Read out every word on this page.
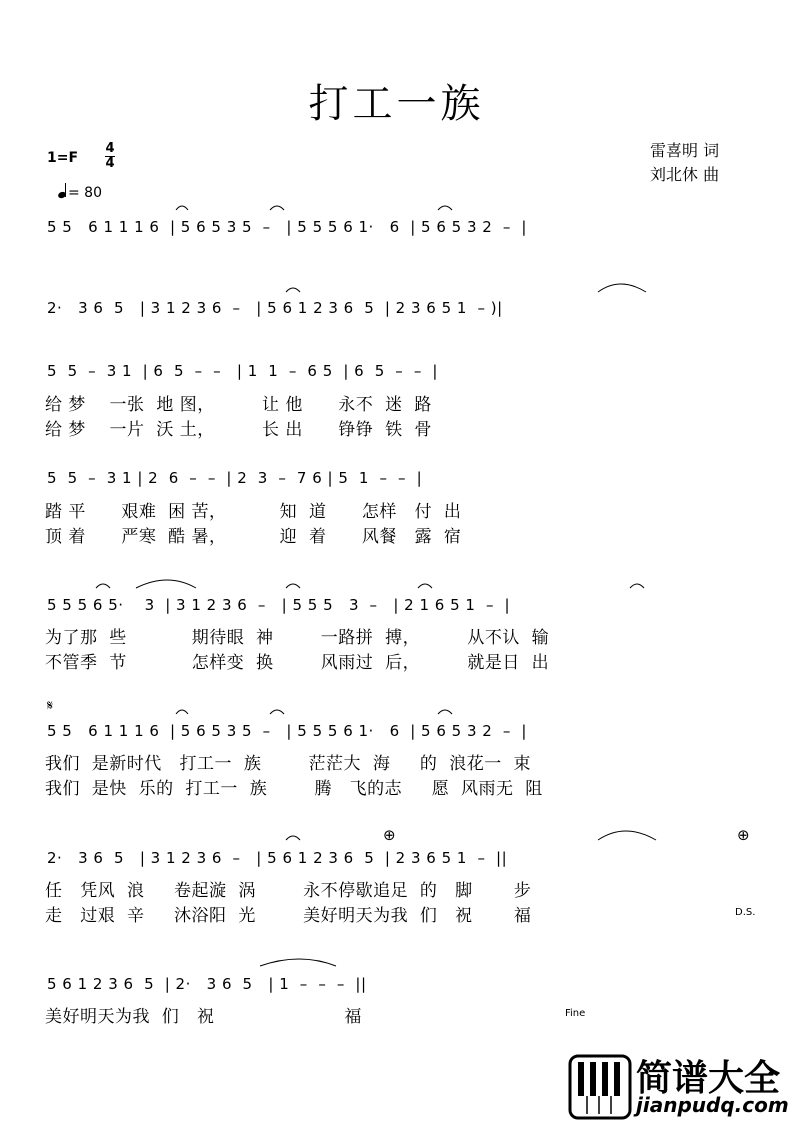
打工一族
1=F
4
4
= 80
雷喜明 词
刘北休 曲
5 5   6 1 1 1 6  | 5 6 5 3 5  –   | 5 5 5 6 1·   6  | 5 6 5 3 2  –  |
2·   3 6  5   | 3 1 2 3 6  –   | 5 6 1 2 3 6  5  | 2 3 6 5 1  – )|
5  5  –  3 1  | 6  5  –  –   | 1  1  –  6 5  | 6  5  –  –  |
给 梦    一张  地 图，        让 他      永不  迷  路
给 梦    一片  沃 土，        长 出      铮铮  铁  骨
5  5  –  3 1 | 2  6  –  –  | 2  3  –  7 6 | 5  1  –  –  |
踏 平      艰难  困 苦，         知  道      怎样   付  出
顶 着      严寒  酷 暑，         迎  着      风餐   露  宿
5 5 5 6 5·    3  | 3 1 2 3 6  –   | 5 5 5   3  –   | 2 1 6 5 1  –  |
为了那  些           期待眼  神        一路拼  搏，        从不认  输
不管季  节           怎样变  换        风雨过  后，        就是日  出
𝄋
5 5   6 1 1 1 6  | 5 6 5 3 5  –   | 5 5 5 6 1·   6  | 5 6 5 3 2  –  |
我们  是新时代   打工一  族        茫茫大  海     的  浪花一  束
我们  是快  乐的  打工一  族        腾   飞的志     愿  风雨无  阻
⊕	⊕
2·   3 6  5   | 3 1 2 3 6  –   | 5 6 1 2 3 6  5  | 2 3 6 5 1  –  ||
任   凭风  浪     卷起漩  涡        永不停歇追足  的   脚       步
走   过艰  辛     沐浴阳  光        美好明天为我  们   祝       福	D.S.
5 6 1 2 3 6  5  | 2·   3 6  5   | 1  –  –  –  ||
美好明天为我  们   祝                      福	Fine
简谱大全
jianpudq.com
